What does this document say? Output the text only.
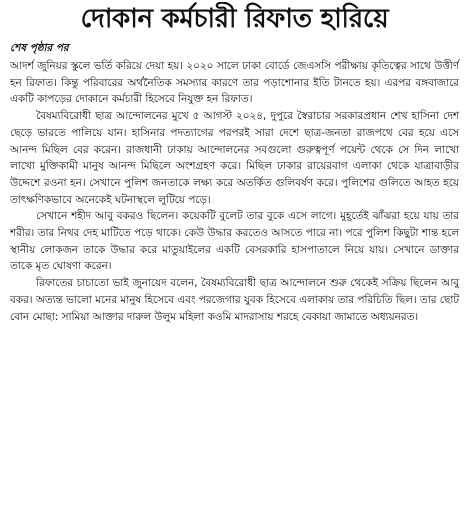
দোকান কর্মচারী রিফাত হারিয়ে
শেষ পৃষ্ঠার পর

আদর্শ জুনিয়র স্কুলে ভর্তি করিয়ে দেয়া হয়। ২০২০ সালে ঢাকা বোর্ডে জেএসসি পরীক্ষায় কৃতিত্বের সাথে উত্তীর্ণ হন রিফাত। কিন্তু পরিবারের অর্থনৈতিক সমস্যার কারণে তার পড়াশোনার ইতি টানতে হয়। এরপর বঙ্গবাজারে একটি কাপড়ের দোকানে কর্মচারী হিসেবে নিযুক্ত হন রিফাত।

বৈষম্যবিরোধী ছাত্র আন্দোলনের মুখে ৫ আগস্ট ২০২৪, দুপুরে স্বৈরাচার সরকারপ্রধান শেখ হাসিনা দেশ ছেড়ে ভারতে পালিয়ে যান। হাসিনার পদত্যাগের পরপরই সারা দেশে ছাত্র-জনতা রাজপথে বের হয়ে এসে আনন্দ মিছিল বের করেন। রাজধানী ঢাকায় আন্দোলনের সবগুলো গুরুত্বপূর্ণ পয়েন্ট থেকে সে দিন লাখো লাখো মুক্তিকামী মানুষ আনন্দ মিছিলে অংশগ্রহণ করে। মিছিল ঢাকার রায়েরবাগ এলাকা থেকে যাত্রাবাড়ীর উদ্দেশে রওনা হন। সেখানে পুলিশ জনতাকে লক্ষ্য করে অতর্কিত গুলিবর্ষণ করে। পুলিশের গুলিতে আহত হয়ে তাৎক্ষণিকভাবে অনেকেই ঘটনাস্থলে লুটিয়ে পড়ে।

সেখানে শহীদ আবু বকরও ছিলেন। কয়েকটি বুলেট তার বুকে এসে লাগে। মুহূর্তেই ঝাঁঝরা হয়ে যায় তার শরীর। তার নিথর দেহ মাটিতে পড়ে থাকে। কেউ উদ্ধার করতেও আসতে পারে না। পরে পুলিশ কিছুটা শান্ত হলে স্থানীয় লোকজন তাকে উদ্ধার করে মাতুয়াইলের একটি বেসরকারি হাসপাতালে নিয়ে যায়। সেখানে ডাক্তার তাকে মৃত ঘোষণা করেন।

রিফাতের চাচাতো ভাই জুনায়েদ বলেন, বৈষম্যবিরোধী ছাত্র আন্দোলনে শুরু থেকেই সক্রিয় ছিলেন আবু বকর। অত্যন্ত ভালো মনের মানুষ হিসেবে এবং পরজেগার যুবক হিসেবে এলাকায় তার পরিচিতি ছিল। তার ছোট বোন মোছা: সামিয়া আক্তার দারুল উলুম মহিলা কওমি মাদরাসায় শরহে বেকায়া জামাতে অধ্যয়নরত।
